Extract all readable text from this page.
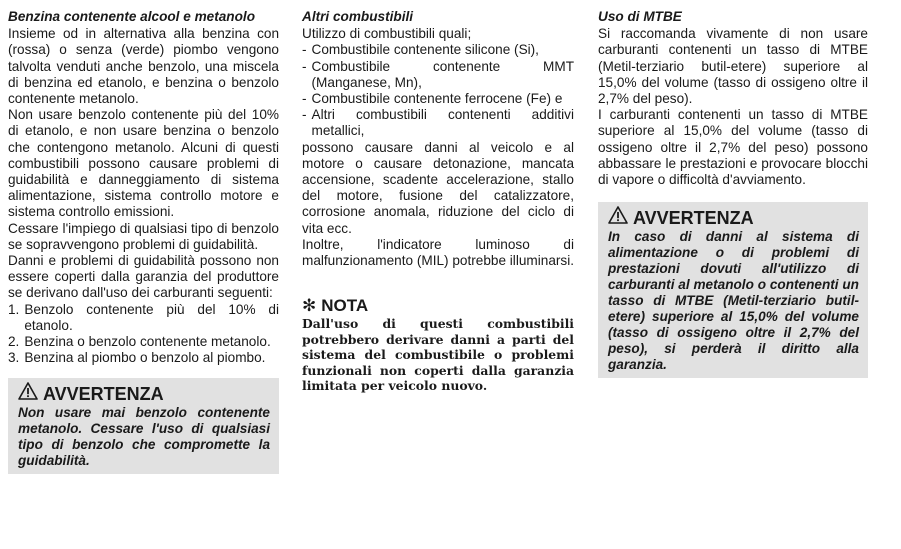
Benzina contenente alcool e metanolo

Insieme od in alternativa alla benzina con (rossa) o senza (verde) piombo vengono talvolta venduti anche benzolo, una miscela di benzina ed etanolo, e benzina o benzolo contenente metanolo.

Non usare benzolo contenente più del 10% di etanolo, e non usare benzina o benzolo che contengono metanolo. Alcuni di questi combustibili possono causare problemi di guidabilità e danneggiamento di sistema alimentazione, sistema controllo motore e sistema controllo emissioni.

Cessare l'impiego di qualsiasi tipo di benzolo se sopravvengono problemi di guidabilità.

Danni e problemi di guidabilità possono non essere coperti dalla garanzia del produttore se derivano dall'uso dei carburanti seguenti:

1. Benzolo contenente più del 10% di etanolo.
2. Benzina o benzolo contenente metanolo.
3. Benzina al piombo o benzolo al piombo.
AVVERTENZA
Non usare mai benzolo contenente metanolo. Cessare l'uso di qualsiasi tipo di benzolo che compromette la guidabilità.
Altri combustibili

Utilizzo di combustibili quali;

- Combustibile contenente silicone (Si),
- Combustibile contenente MMT (Manganese, Mn),
- Combustibile contenente ferrocene (Fe) e
- Altri combustibili contenenti additivi metallici,

possono causare danni al veicolo e al motore o causare detonazione, mancata accensione, scadente accelerazione, stallo del motore, fusione del catalizzatore, corrosione anomala, riduzione del ciclo di vita ecc.

Inoltre, l'indicatore luminoso di malfunzionamento (MIL) potrebbe illuminarsi.

✻ NOTA
Dall'uso di questi combustibili potrebbero derivare danni a parti del sistema del combustibile o problemi funzionali non coperti dalla garanzia limitata per veicolo nuovo.
Uso di MTBE

Si raccomanda vivamente di non usare carburanti contenenti un tasso di MTBE (Metil-terziario butil-etere) superiore al 15,0% del volume (tasso di ossigeno oltre il 2,7% del peso).

I carburanti contenenti un tasso di MTBE superiore al 15,0% del volume (tasso di ossigeno oltre il 2,7% del peso) possono abbassare le prestazioni e provocare blocchi di vapore o difficoltà d'avviamento.

AVVERTENZA
In caso di danni al sistema di alimentazione o di problemi di prestazioni dovuti all'utilizzo di carburanti al metanolo o contenenti un tasso di MTBE (Metil-terziario butil-etere) superiore al 15,0% del volume (tasso di ossigeno oltre il 2,7% del peso), si perderà il diritto alla garanzia.
